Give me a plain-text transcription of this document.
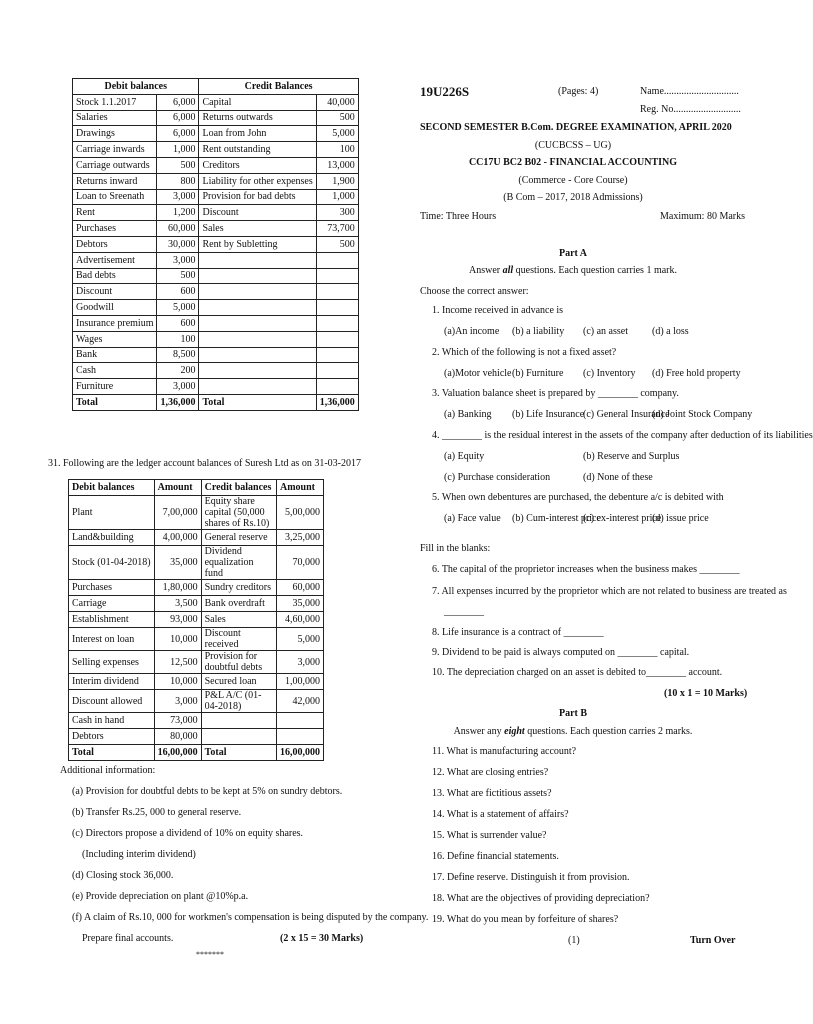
Debit balances		Credit Balances	
Stock 1.1.2017	6,000	Capital	40,000
Salaries	6,000	Returns outwards	500
Drawings	6,000	Loan from John	5,000
Carriage inwards	1,000	Rent outstanding	100
Carriage outwards	500	Creditors	13,000
Returns inward	800	Liability for other expenses	1,900
Loan to Sreenath	3,000	Provision for bad debts	1,000
Rent	1,200	Discount	300
Purchases	60,000	Sales	73,700
Debtors	30,000	Rent by Subletting	500
Advertisement	3,000		
Bad debts	500		
Discount	600		
Goodwill	5,000		
Insurance premium	600		
Wages	100		
Bank	8,500		
Cash	200		
Furniture	3,000		
Total	1,36,000	Total	1,36,000
31. Following are the ledger account balances of Suresh Ltd as on 31-03-2017
Debit balances	Amount	Credit balances	Amount
Plant	7,00,000	Equity share capital (50,000 shares of Rs.10)	5,00,000
Land&building	4,00,000	General reserve	3,25,000
Stock (01-04-2018)	35,000	Dividend equalization fund	70,000
Purchases	1,80,000	Sundry creditors	60,000
Carriage	3,500	Bank overdraft	35,000
Establishment	93,000	Sales	4,60,000
Interest on loan	10,000	Discount received	5,000
Selling expenses	12,500	Provision for doubtful debts	3,000
Interim dividend	10,000	Secured loan	1,00,000
Discount allowed	3,000	P&L A/C (01-04-2018)	42,000
Cash in hand	73,000		
Debtors	80,000		
Total	16,00,000	Total	16,00,000
Additional information:
(a) Provision for doubtful debts to be kept at 5% on sundry debtors.
(b) Transfer Rs.25, 000 to general reserve.
(c) Directors propose a dividend of 10% on equity shares.
(Including interim dividend)
(d) Closing stock 36,000.
(e) Provide depreciation on plant @10%p.a.
(f) A claim of Rs.10, 000 for workmen's compensation is being disputed by the company.
Prepare final accounts.	(2 x 15 = 30 Marks)
*******
19U226S	(Pages: 4)	Name..............................
Reg. No...........................
SECOND SEMESTER B.Com. DEGREE EXAMINATION, APRIL 2020
(CUCBCSS – UG)
CC17U BC2 B02 - FINANCIAL ACCOUNTING
(Commerce - Core Course)
(B Com – 2017, 2018 Admissions)
Time: Three Hours	Maximum: 80 Marks
Part A
Answer all questions. Each question carries 1 mark.
Choose the correct answer:
1. Income received in advance is
(a)An income (b) a liability (c) an asset (d) a loss
2. Which of the following is not a fixed asset?
(a)Motor vehicle (b) Furniture (c) Inventory (d) Free hold property
3. Valuation balance sheet is prepared by ________ company.
(a) Banking (b) Life Insurance
(c) General Insurance
(d) Joint Stock Company
4. ________ is the residual interest in the assets of the company after deduction of its liabilities
(a) Equity	(b) Reserve and Surplus
(c) Purchase consideration	(d) None of these
5. When own debentures are purchased, the debenture a/c is debited with
(a) Face value (b) Cum-interest price
(c) ex-interest price
(d) issue price
Fill in the blanks:
6. The capital of the proprietor increases when the business makes ________
7. All expenses incurred by the proprietor which are not related to business are treated as
________
8. Life insurance is a contract of ________
9. Dividend to be paid is always computed on ________ capital.
10. The depreciation charged on an asset is debited to________ account.
(10 x 1 = 10 Marks)
Part B
Answer any eight questions. Each question carries 2 marks.
11. What is manufacturing account?
12. What are closing entries?
13. What are fictitious assets?
14. What is a statement of affairs?
15. What is surrender value?
16. Define financial statements.
17. Define reserve. Distinguish it from provision.
18. What are the objectives of providing depreciation?
19. What do you mean by forfeiture of shares?
(1)	Turn Over
